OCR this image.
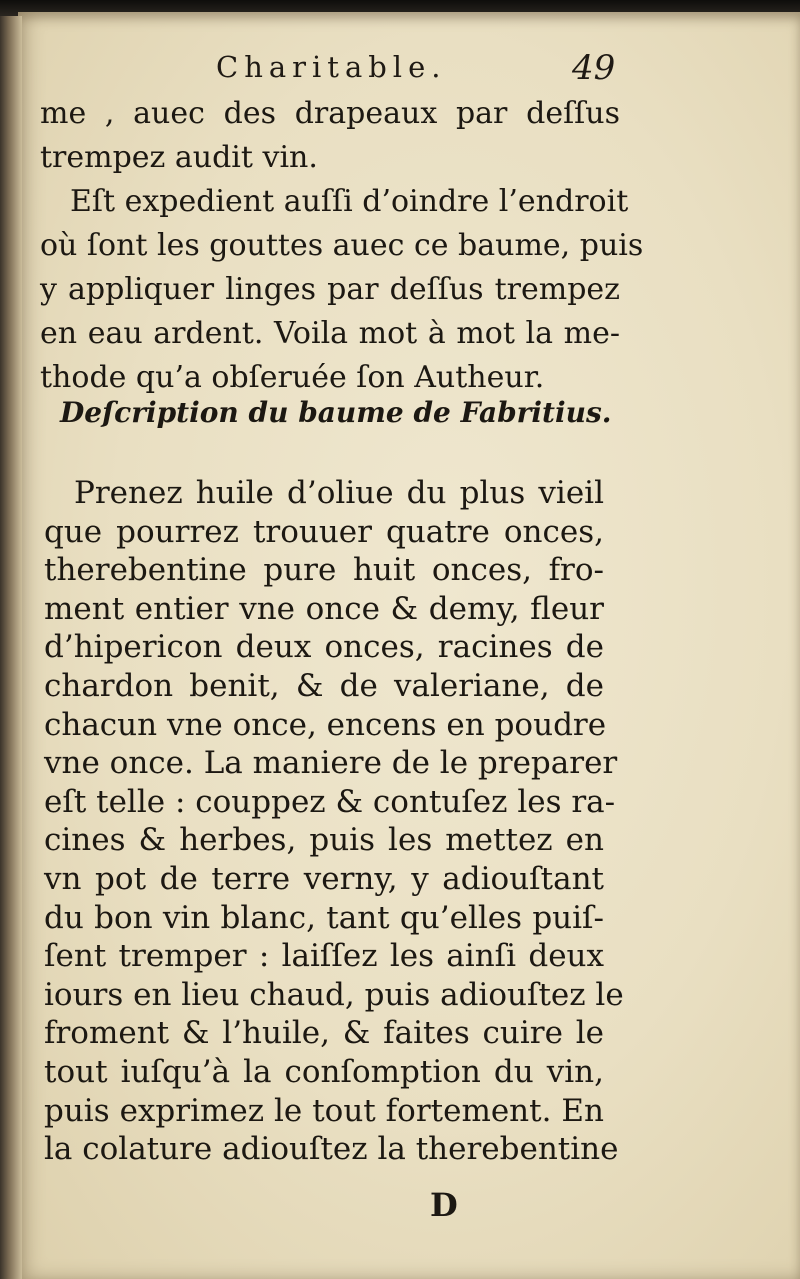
Charitable.	49
me , auec des drapeaux par deſſus
trempez audit vin.
Eſt expedient auſſi d’oindre l’endroit
où ſont les gouttes auec ce baume, puis
y appliquer linges par deſſus trempez
en eau ardent. Voila mot à mot la me-
thode qu’a obſeruée ſon Autheur.
Deſcription du baume de Fabritius.
Prenez huile d’oliue du plus vieil
que pourrez trouuer quatre onces,
therebentine pure huit onces, fro-
ment entier vne once & demy, fleur
d’hipericon deux onces, racines de
chardon benit, & de valeriane, de
chacun vne once, encens en poudre
vne once. La maniere de le preparer
eſt telle : couppez & contuſez les ra-
cines & herbes, puis les mettez en
vn pot de terre verny, y adiouſtant
du bon vin blanc, tant qu’elles puiſ-
ſent tremper : laiſſez les ainſi deux
iours en lieu chaud, puis adiouſtez le
froment & l’huile, & faites cuire le
tout iuſqu’à la conſomption du vin,
puis exprimez le tout fortement. En
la colature adiouſtez la therebentine
D
